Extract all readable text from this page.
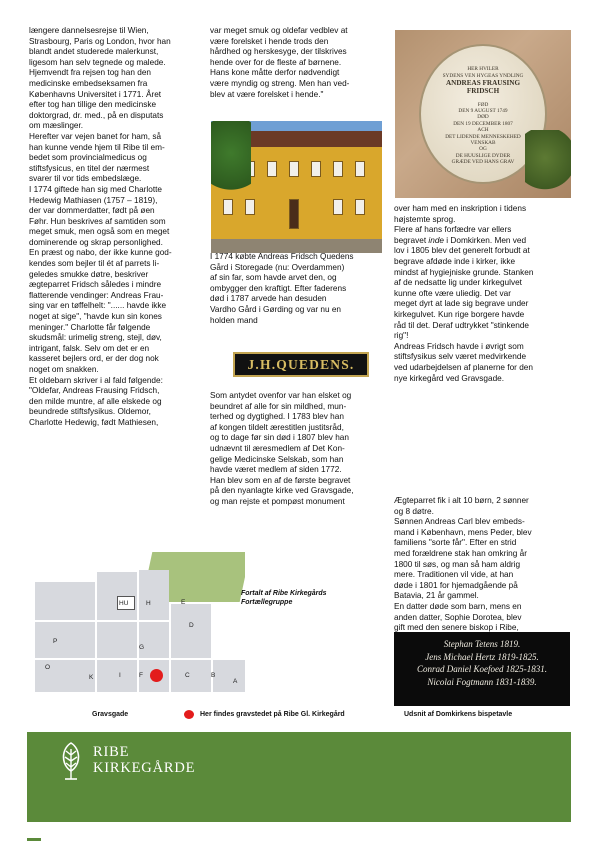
længere dannelsesrejse til Wien,
Strasbourg, Paris og London, hvor han
blandt andet studerede malerkunst,
ligesom han selv tegnede og malede.
Hjemvendt fra rejsen tog han den
medicinske embedseksamen fra
Københavns Universitet i 1771. Året
efter tog han tillige den medicinske
doktorgrad, dr. med., på en disputats
om mæslinger.
Herefter var vejen banet for ham, så
han kunne vende hjem til Ribe til em-
bedet som provincialmedicus og
stiftsfysicus, en titel der nærmest
svarer til vor tids embedslæge.
I 1774 giftede han sig med Charlotte
Hedewig Mathiasen (1757 – 1819),
der var dommerdatter, født på øen
Føhr. Hun beskrives af samtiden som
meget smuk, men også som en meget
dominerende og skrap personlighed.
En præst og nabo, der ikke kunne god-
kendes som bejler til ét af parrets li-
geledes smukke døtre, beskriver
ægteparret Fridsch således i mindre
flatterende vendinger: Andreas Frau-
sing var en tøffelhelt: "...... havde ikke
noget at sige", "havde kun sin kones
meninger." Charlotte får følgende
skudsmål: urimelig streng, stejl, døv,
intrigant, falsk. Selv om det er en
kasseret bejlers ord, er der dog nok
noget om snakken.
Et oldebarn skriver i al fald følgende:
"Oldefar, Andreas Frausing Fridsch,
den milde muntre, af alle elskede og
beundrede stiftsfysikus. Oldemor,
Charlotte Hedewig, født Mathiesen,
var meget smuk og oldefar vedblev at
være forelsket i hende trods den
hårdhed og herskesyge, der tilskrives
hende over for de fleste af børnene.
Hans kone måtte derfor nødvendigt
være myndig og streng. Men han ved-
blev at være forelsket i hende."
I 1774 købte Andreas Fridsch Quedens
Gård i Storegade (nu: Overdammen)
af sin far, som havde arvet den, og
ombygger den kraftigt. Efter faderens
død i 1787 arvede han desuden
Vardho Gård i Gørding og var nu en
holden mand
J.H.QUEDENS.
Som antydet ovenfor var han elsket og
beundret af alle for sin mildhed, mun-
terhed og dygtighed. I 1783 blev han
af kongen tildelt ærestitlen justitsråd,
og to dage før sin død i 1807 blev han
udnævnt til æresmedlem af Det Kon-
gelige Medicinske Selskab, som han
havde været medlem af siden 1772.
Han blev som en af de første begravet
på den nyanlagte kirke ved Gravsgade,
og man rejste et pompøst monument

HER HVILER
SYDENS VEN HYGEAS YNDLING

ANDREAS FRAUSING
FRIDSCH

FØD
DEN 9 AUGUST 1749
DØD
DEN 19 DECEMBER 1807
ACH
DET LIDENDE MENNESKEHED
VENSKAB
OG
DE HUUSLIGE DYDER
GRÆDE VED HANS GRAV

over ham med en inskription i tidens
højstemte sprog.
Flere af hans forfædre var ellers
begravet inde i Domkirken. Men ved
lov i 1805 blev det generelt forbudt at
begrave afdøde inde i kirker, ikke
mindst af hygiejniske grunde. Stanken
af de nedsatte lig under kirkegulvet
kunne ofte være uliedig. Det var
meget dyrt at lade sig begrave under
kirkegulvet. Kun rige borgere havde
råd til det. Deraf udtrykket "stinkende
rig"!
Andreas Fridsch havde i øvrigt som
stiftsfysikus selv været medvirkende
ved udarbejdelsen af planerne for den
nye kirkegård ved Gravsgade.
Ægteparret fik i alt 10 børn, 2 sønner
og 8 døtre.
Sønnen Andreas Carl blev embeds-
mand i København, mens Peder, blev
familiens "sorte får". Efter en strid
med forældrene stak han omkring år
1800 til søs, og man så ham aldrig
mere. Traditionen vil vide, at han
døde i 1801 for hjemadgående på
Batavia, 21 år gammel.
En datter døde som barn, mens en
anden datter, Sophie Dorotea, blev
gift med den senere biskop i Ribe,

HU	H	E
D
G
F	C
A
P
O
K	I	B
Fortalt af Ribe Kirkegårds
Fortællegruppe
Gravsgade	Her findes gravstedet på Ribe Gl. Kirkegård
Stephan Tetens 1819.
Jens Michael Hertz 1819-1825.
Conrad Daniel Koefoed 1825-1831.
Nicolai Fogtmann 1831-1839.
Udsnit af Domkirkens bispetavle
RIBE
KIRKEGÅRDE
